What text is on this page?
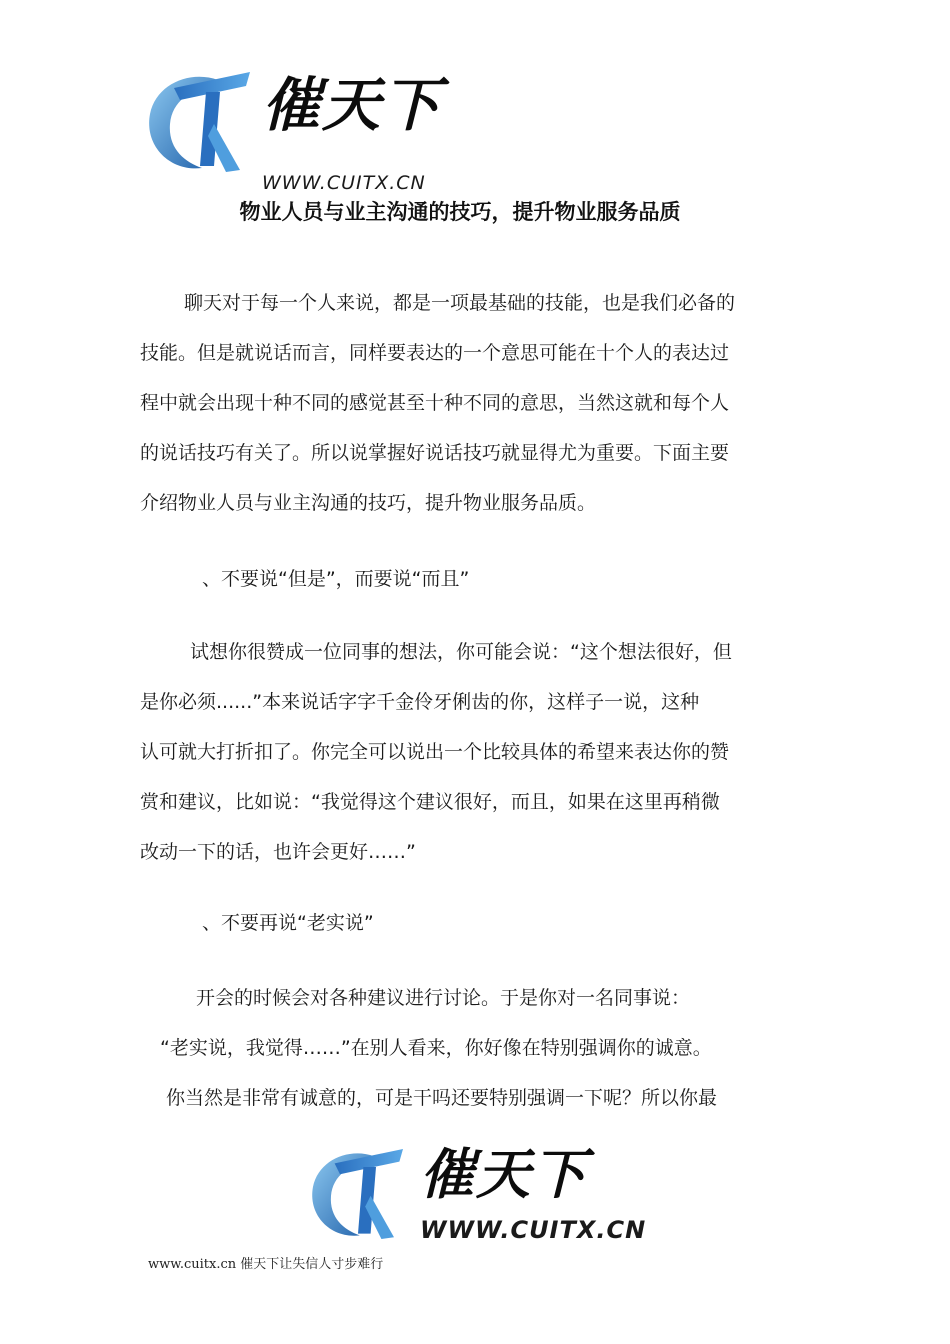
催天下
WWW.CUITX.CN
物业人员与业主沟通的技巧，提升物业服务品质
聊天对于每一个人来说，都是一项最基础的技能，也是我们必备的
技能。但是就说话而言，同样要表达的一个意思可能在十个人的表达过
程中就会出现十种不同的感觉甚至十种不同的意思，当然这就和每个人
的说话技巧有关了。所以说掌握好说话技巧就显得尤为重要。下面主要
介绍物业人员与业主沟通的技巧，提升物业服务品质。
、不要说“但是”，而要说“而且”
试想你很赞成一位同事的想法，你可能会说：“这个想法很好，但
是你必须......”本来说话字字千金伶牙俐齿的你，这样子一说，这种
认可就大打折扣了。你完全可以说出一个比较具体的希望来表达你的赞
赏和建议，比如说：“我觉得这个建议很好，而且，如果在这里再稍微
改动一下的话，也许会更好……”
、不要再说“老实说”
开会的时候会对各种建议进行讨论。于是你对一名同事说：
“老实说，我觉得……”在别人看来，你好像在特别强调你的诚意。
你当然是非常有诚意的，可是干吗还要特别强调一下呢？所以你最
催天下
WWW.CUITX.CN
www.cuitx.cn 催天下让失信人寸步难行
